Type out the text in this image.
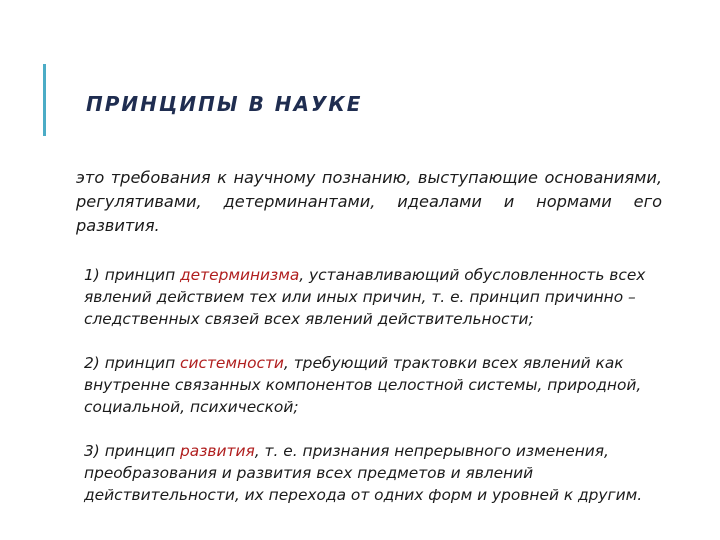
ПРИНЦИПЫ В НАУКЕ

это требования к научному познанию, выступающие основаниями, регулятивами, детерминантами, идеалами и нормами его развития.

1) принцип детерминизма, устанавливающий обусловленность всех явлений действием тех или иных причин, т. е. принцип причинно – следственных связей всех явлений действительности;

2) принцип системности, требующий трактовки всех явлений как внутренне связанных компонентов целостной системы, природной, социальной, психической;

3) принцип развития, т. е. признания непрерывного изменения, преобразования и развития всех предметов и явлений действительности, их перехода от одних форм и уровней к другим.
